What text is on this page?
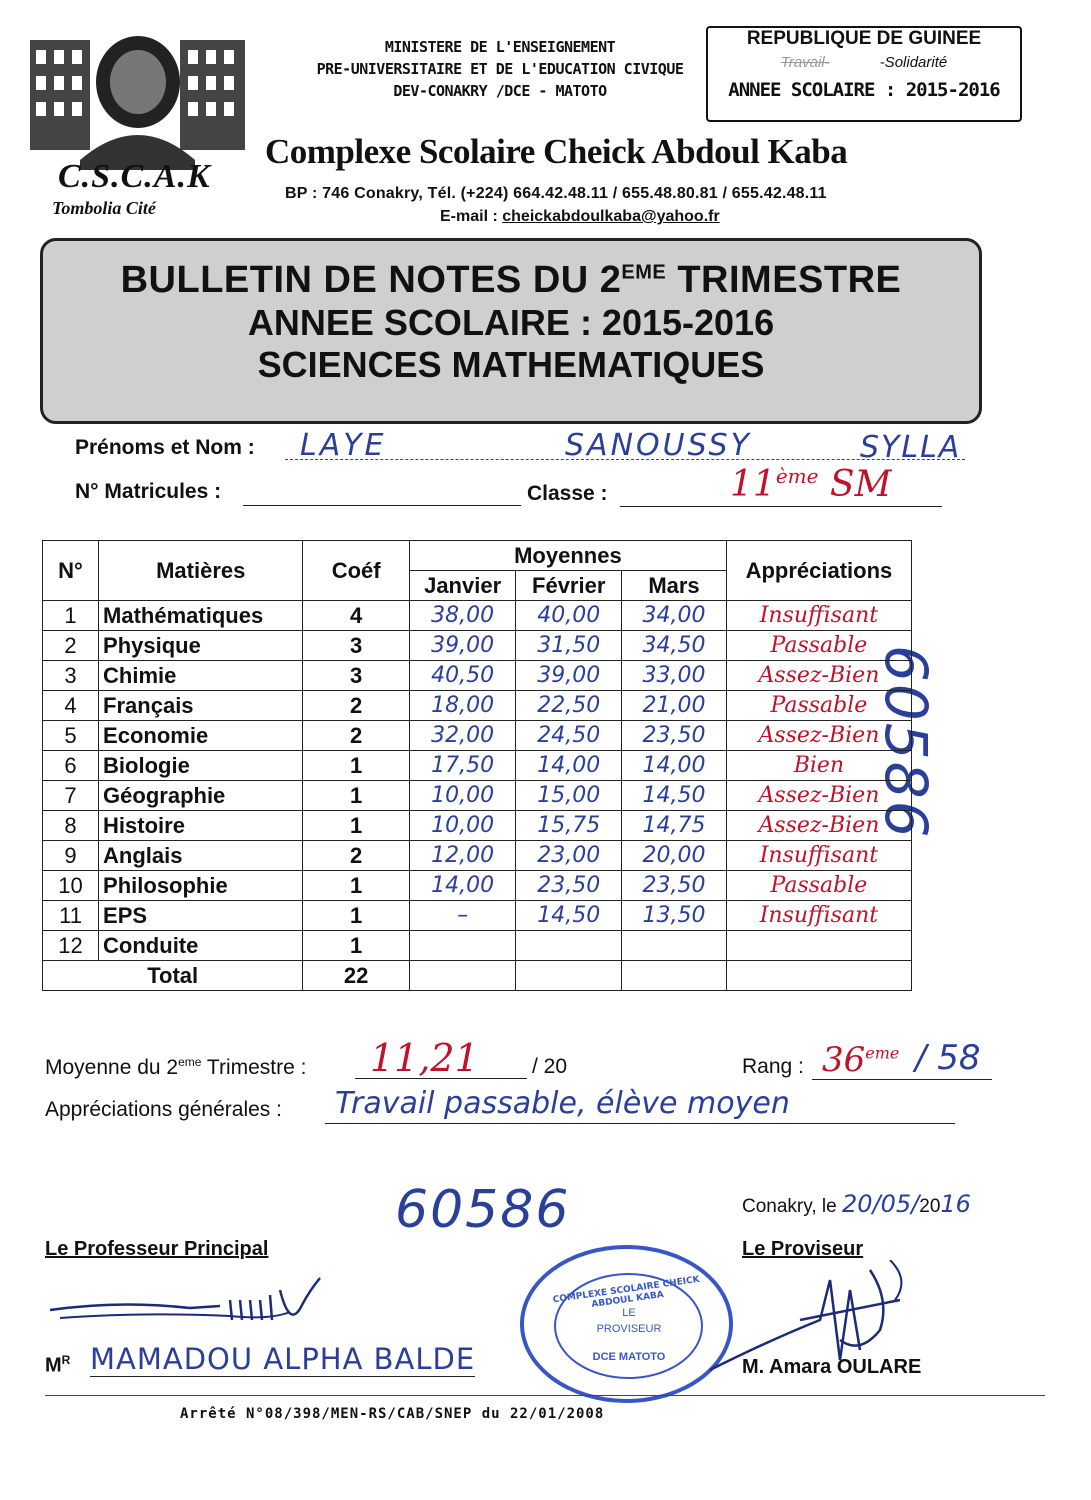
C.S.C.A.K
Tombolia Cité
MINISTERE DE L'ENSEIGNEMENT
PRE-UNIVERSITAIRE ET DE L'EDUCATION CIVIQUE
DEV-CONAKRY /DCE - MATOTO
REPUBLIQUE DE GUINEE
Travail-	-Solidarité
ANNEE SCOLAIRE : 2015-2016
Complexe Scolaire Cheick Abdoul Kaba
BP : 746 Conakry, Tél. (+224) 664.42.48.11 / 655.48.80.81 / 655.42.48.11
E-mail : cheickabdoulkaba@yahoo.fr
BULLETIN DE NOTES DU 2EME TRIMESTRE
ANNEE SCOLAIRE : 2015-2016
SCIENCES MATHEMATIQUES
Prénoms et Nom : LAYE	SANOUSSY	SYLLA
N° Matricules :	Classe :	11ème SM
60586
N°	Matières	Coéf	Moyennes			Appréciations
			Janvier	Février	Mars	
1	Mathématiques	4	38,00	40,00	34,00	Insuffisant
2	Physique	3	39,00	31,50	34,50	Passable
3	Chimie	3	40,50	39,00	33,00	Assez-Bien
4	Français	2	18,00	22,50	21,00	Passable
5	Economie	2	32,00	24,50	23,50	Assez-Bien
6	Biologie	1	17,50	14,00	14,00	Bien
7	Géographie	1	10,00	15,00	14,50	Assez-Bien
8	Histoire	1	10,00	15,75	14,75	Assez-Bien
9	Anglais	2	12,00	23,00	20,00	Insuffisant
10	Philosophie	1	14,00	23,50	23,50	Passable
11	EPS	1	–	14,50	13,50	Insuffisant
12	Conduite	1				
Total		22				
Moyenne du 2eme Trimestre : 11,21	/ 20	Rang : 36eme / 58
Appréciations générales : Travail passable, élève moyen
60586	Conakry, le 20/05/2016
Le Professeur Principal	Le Proviseur
$M^R$ MAMADOU ALPHA BALDE
COMPLEXE SCOLAIRE CHEICK ABDOUL KABA
LE
PROVISEUR
DCE MATOTO	M. Amara OULARE
Arrêté N°08/398/MEN-RS/CAB/SNEP du 22/01/2008
